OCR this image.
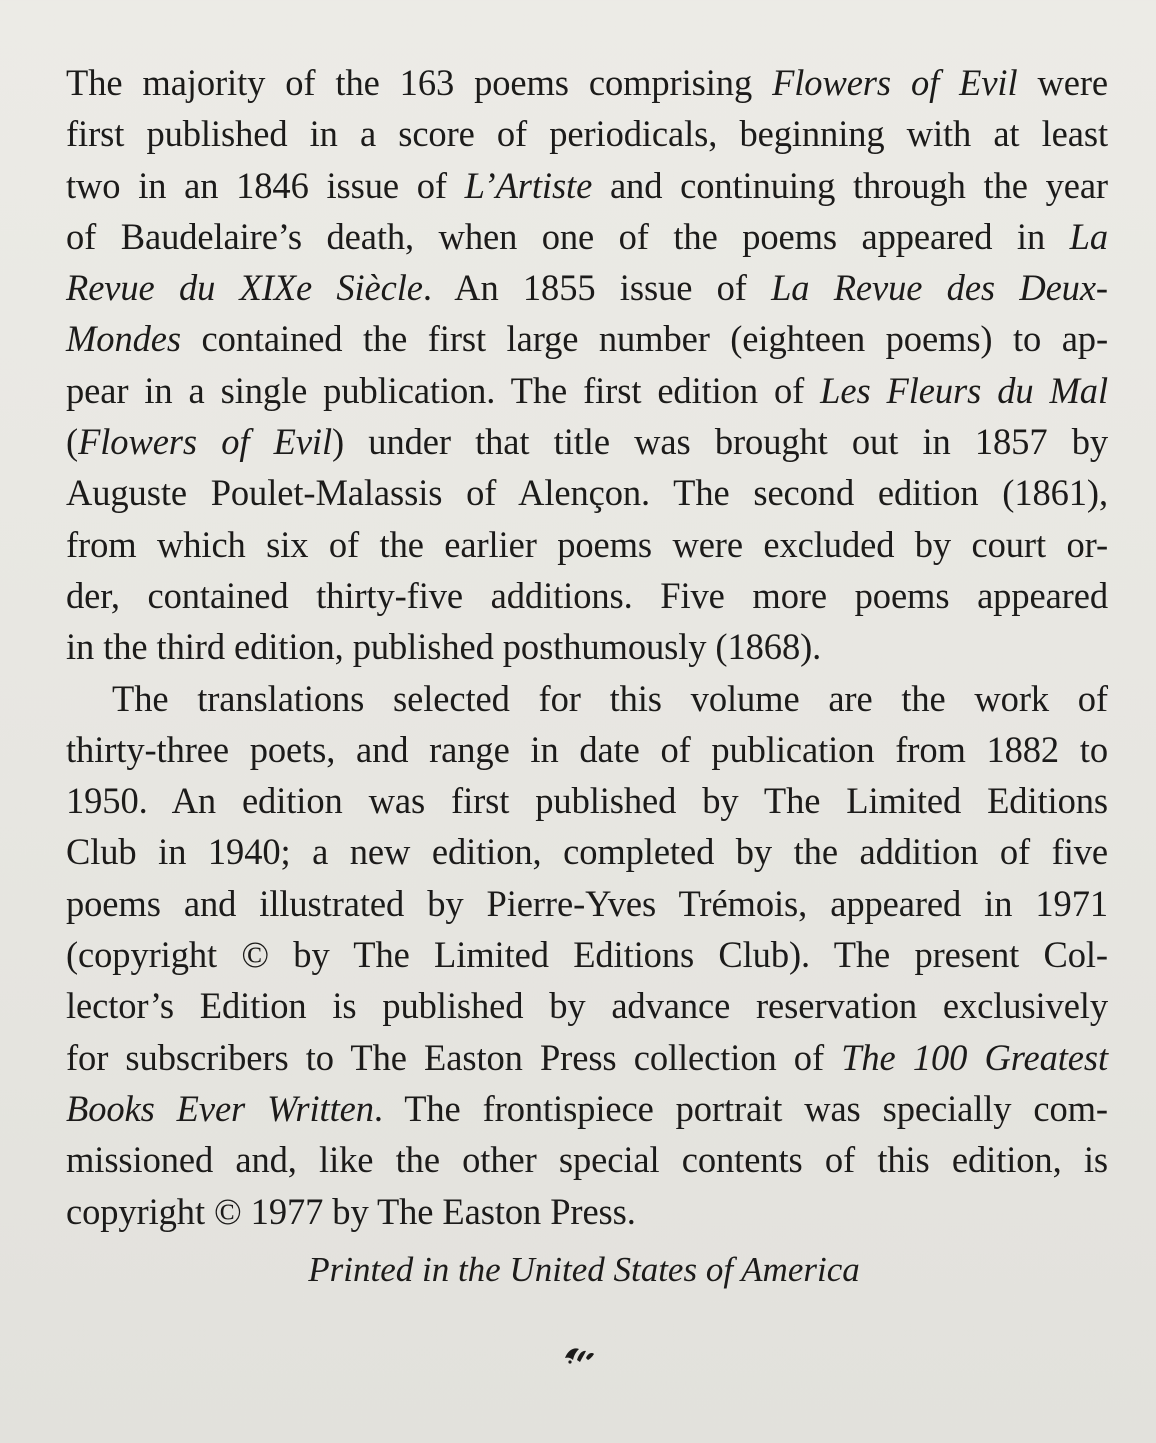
The majority of the 163 poems comprising Flowers of Evil were
first published in a score of periodicals, beginning with at least
two in an 1846 issue of L’Artiste and continuing through the year
of Baudelaire’s death, when one of the poems appeared in La
Revue du XIXe Siècle. An 1855 issue of La Revue des Deux-
Mondes contained the first large number (eighteen poems) to ap-
pear in a single publication. The first edition of Les Fleurs du Mal
(Flowers of Evil) under that title was brought out in 1857 by
Auguste Poulet-Malassis of Alençon. The second edition (1861),
from which six of the earlier poems were excluded by court or-
der, contained thirty-five additions. Five more poems appeared
in the third edition, published posthumously (1868).
The translations selected for this volume are the work of
thirty-three poets, and range in date of publication from 1882 to
1950. An edition was first published by The Limited Editions
Club in 1940; a new edition, completed by the addition of five
poems and illustrated by Pierre-Yves Trémois, appeared in 1971
(copyright © by The Limited Editions Club). The present Col-
lector’s Edition is published by advance reservation exclusively
for subscribers to The Easton Press collection of The 100 Greatest
Books Ever Written. The frontispiece portrait was specially com-
missioned and, like the other special contents of this edition, is
copyright © 1977 by The Easton Press.
Printed in the United States of America
